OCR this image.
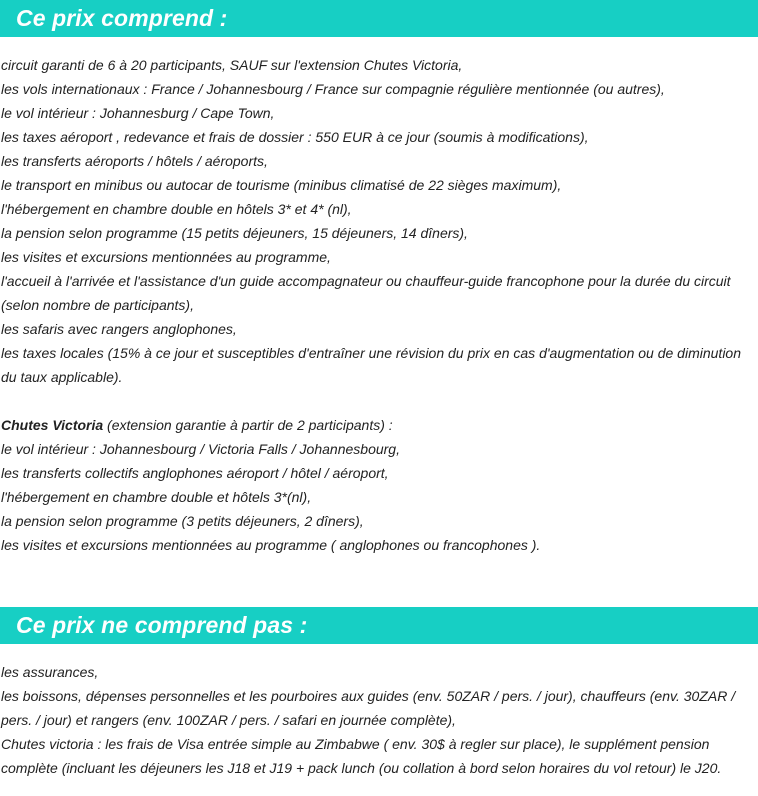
Ce prix comprend :
circuit garanti de 6 à 20 participants, SAUF sur l'extension Chutes Victoria,
les vols internationaux : France / Johannesbourg / France sur compagnie régulière mentionnée (ou autres),
le vol intérieur : Johannesburg / Cape Town,
les taxes aéroport , redevance et frais de dossier : 550 EUR à ce jour (soumis à modifications),
les transferts aéroports / hôtels / aéroports,
le transport en minibus ou autocar de tourisme (minibus climatisé de 22 sièges maximum),
l'hébergement en chambre double en hôtels 3* et 4* (nl),
la pension selon programme (15 petits déjeuners, 15 déjeuners, 14 dîners),
les visites et excursions mentionnées au programme,
l'accueil à l'arrivée et l'assistance d'un guide accompagnateur ou chauffeur-guide francophone pour la durée du circuit
(selon nombre de participants),
les safaris avec rangers anglophones,
les taxes locales (15% à ce jour et susceptibles d'entraîner une révision du prix en cas d'augmentation ou de diminution
du taux applicable).
Chutes Victoria (extension garantie à partir de 2 participants) :
le vol intérieur : Johannesbourg / Victoria Falls / Johannesbourg,
les transferts collectifs anglophones aéroport / hôtel / aéroport,
l'hébergement en chambre double et hôtels 3*(nl),
la pension selon programme (3 petits déjeuners, 2 dîners),
les visites et excursions mentionnées au programme ( anglophones ou francophones ).
Ce prix ne comprend pas :
les assurances,
les boissons, dépenses personnelles et les pourboires aux guides (env. 50ZAR / pers. / jour), chauffeurs (env. 30ZAR /
pers. / jour) et rangers (env. 100ZAR / pers. / safari en journée complète),
Chutes victoria : les frais de Visa entrée simple au Zimbabwe ( env. 30$ à regler sur place), le supplément pension
complète (incluant les déjeuners les J18 et J19 + pack lunch (ou collation à bord selon horaires du vol retour) le J20.
